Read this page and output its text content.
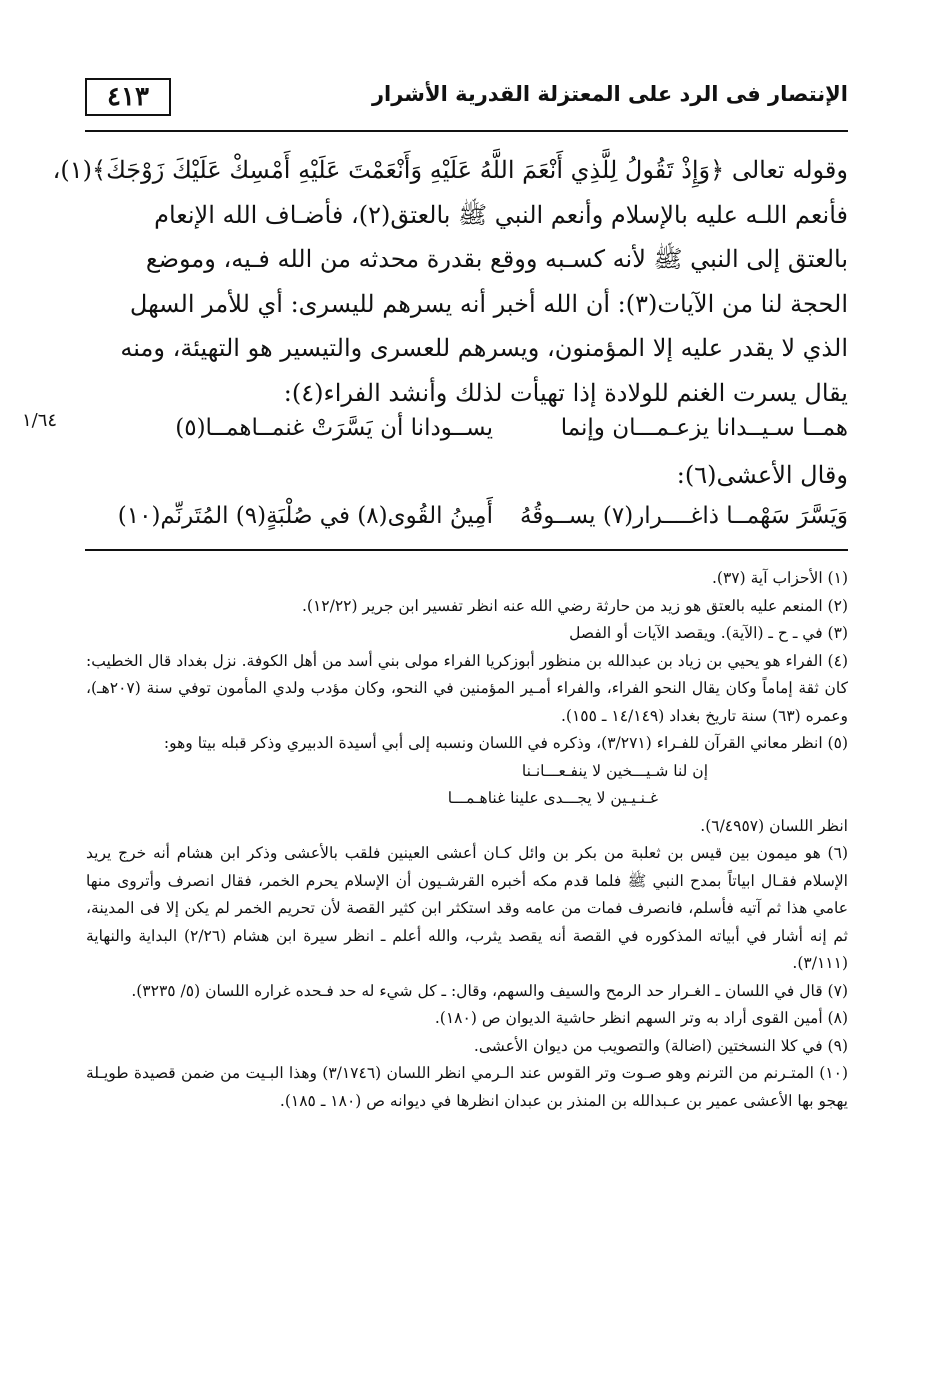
٤١٣	الإنتصار فى الرد على المعتزلة القدرية الأشرار

وقوله تعالى ﴿وَإِذْ تَقُولُ لِلَّذِي أَنْعَمَ اللَّهُ عَلَيْهِ وَأَنْعَمْتَ عَلَيْهِ أَمْسِكْ عَلَيْكَ زَوْجَكَ﴾(١)،

فأنعم اللـه عليه بالإسلام وأنعم النبي ﷺ بالعتق(٢)، فأضـاف الله الإنعام

بالعتق إلى النبي ﷺ لأنه كسـبه ووقع بقدرة محدثه من الله فـيه، وموضع

الحجة لنا من الآيات(٣): أن الله أخبر أنه يسرهم لليسرى: أي للأمر السهل

الذي لا يقدر عليه إلا المؤمنون، ويسرهم للعسرى والتيسير هو التهيئة، ومنه

يقال يسرت الغنم للولادة إذا تهيأت لذلك وأنشد الفراء(٤):

١/٦٤	همــا سـيــدانا يزعـمـــان وإنما
يســودانا أن يَسَّرَتْ غنمــاهمــا(٥)
وقال الأعشى(٦):
وَيَسَّرَ سَهْمــا ذاغــــرار(٧) يســوقُهُ
أَمِينُ القُوى(٨) في صُلْبَةٍ(٩) المُتَرنِّم(١٠)

(١) الأحزاب آية (٣٧).

(٢) المنعم عليه بالعتق هو زيد من حارثة رضي الله عنه انظر تفسير ابن جرير (١٢/٢٢).

(٣) في ـ ح ـ (الآية). ويقصد الآيات أو الفصل

(٤) الفراء هو يحيي بن زياد بن عبدالله بن منظور أبوزكريا الفراء مولى بني أسد من أهل الكوفة. نزل بغداد قال الخطيب: كان ثقة إماماً وكان يقال النحو الفراء، والفراء أمـير المؤمنين في النحو، وكان مؤدب ولدي المأمون توفي سنة (٢٠٧هـ)، وعمره (٦٣) سنة تاريخ بغداد (١٤/١٤٩ ـ ١٥٥).

(٥) انظر معاني القرآن للفـراء (٣/٢٧١)، وذكره في اللسان ونسبه إلى أبي أسيدة الدبيري وذكر قبله بيتا وهو:

إن لنا شـيـــخين لا ينفـعـــانـنا
غـنـيـين لا يجـــدى علينا غناهـمـــا

انظر اللسان (٦/٤٩٥٧).

(٦) هو ميمون بين قيس بن ثعلبة من بكر بن وائل كـان أعشى العينين فلقب بالأعشى وذكر ابن هشام أنه خرج يريد الإسلام فقـال ابياتاً بمدح النبي ﷺ فلما قدم مكه أخبره القرشـيون أن الإسلام يحرم الخمر، فقال انصرف وأتروى منها عامي هذا ثم آتيه فأسلم، فانصرف فمات من عامه وقد استكثر ابن كثير القصة لأن تحريم الخمر لم يكن إلا فى المدينة، ثم إنه أشار في أبياته المذكوره في القصة أنه يقصد يثرب، والله أعلم ـ انظر سيرة ابن هشام (٢/٢٦) البداية والنهاية (٣/١١١).

(٧) قال في اللسان ـ الغـرار حد الرمح والسيف والسهم، وقال: ـ كل شيء له حد فـحده غراره اللسان (٥/ ٣٢٣٥).

(٨) أمين القوى أراد به وتر السهم انظر حاشية الديوان ص (١٨٠).

(٩) في كلا النسختين (اضالة) والتصويب من ديوان الأعشى.

(١٠) المتـرنم من الترنم وهو صـوت وتر القوس عند الـرمي انظر اللسان (٣/١٧٤٦) وهذا البـيت من ضمن قصيدة طويـلة يهجو بها الأعشى عمير بن عـبدالله بن المنذر بن عبدان انظرها في ديوانه ص (١٨٠ ـ ١٨٥).
